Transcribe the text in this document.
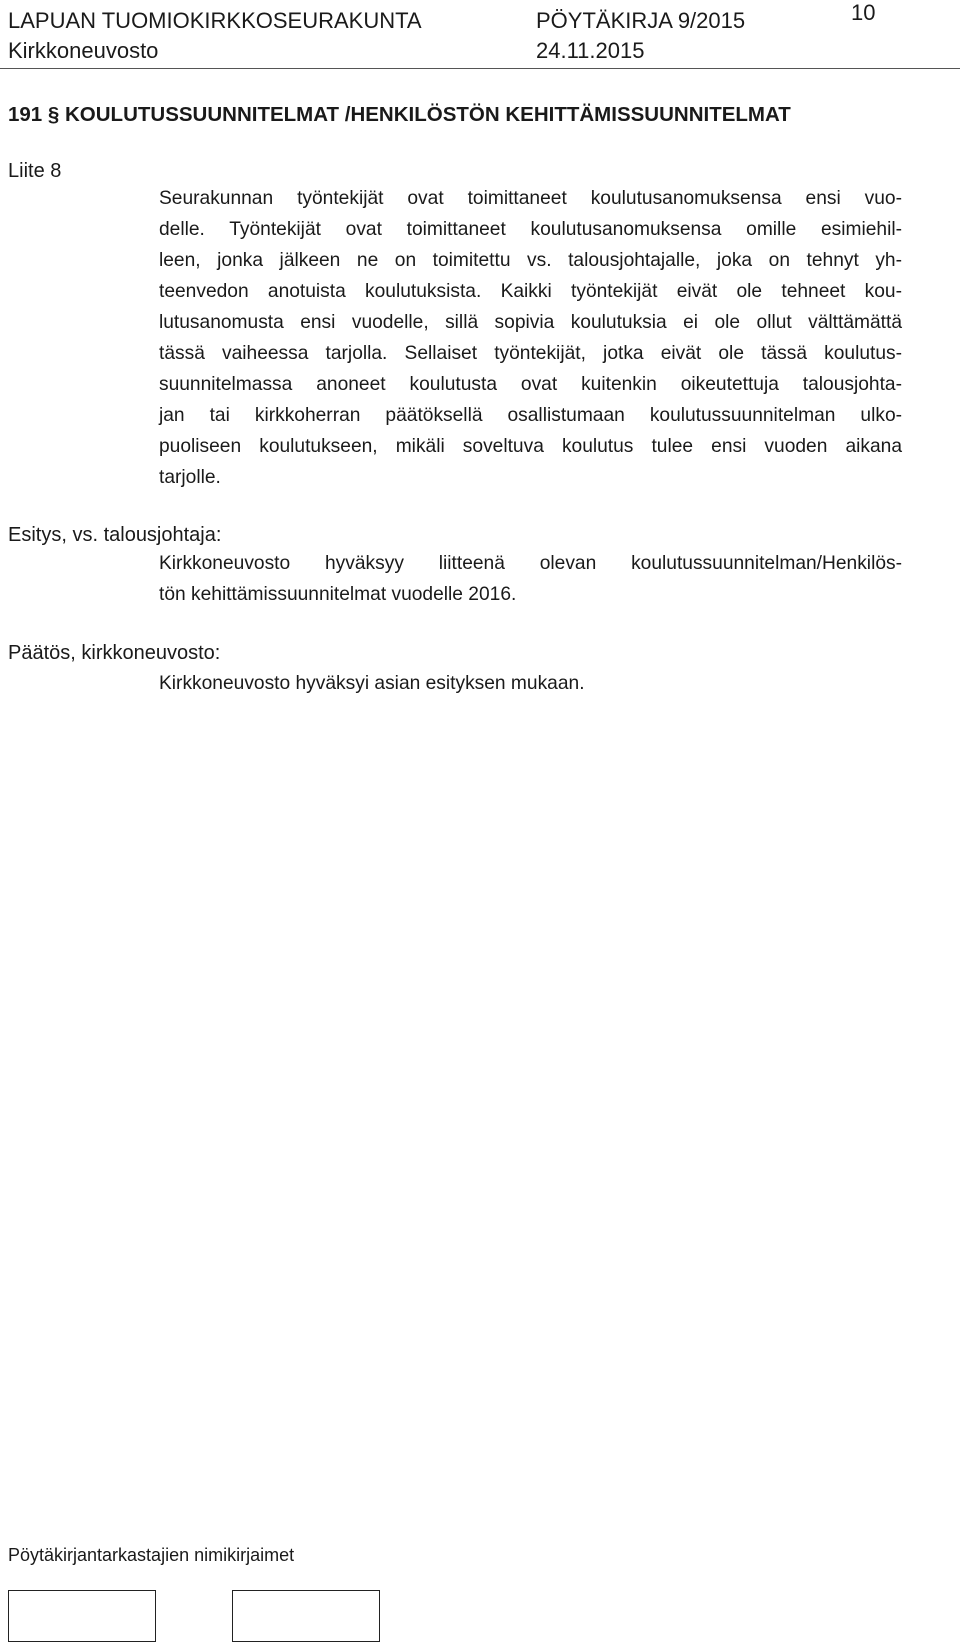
LAPUAN TUOMIOKIRKKOSEURAKUNTA
Kirkkoneuvosto
PÖYTÄKIRJA 9/2015
24.11.2015
10
191 § KOULUTUSSUUNNITELMAT /HENKILÖSTÖN KEHITTÄMISSUUNNITELMAT
Liite 8
Seurakunnan työntekijät ovat toimittaneet koulutusanomuksensa ensi vuo-
delle. Työntekijät ovat toimittaneet koulutusanomuksensa omille esimiehil-
leen, jonka jälkeen ne on toimitettu vs. talousjohtajalle, joka on tehnyt yh-
teenvedon anotuista koulutuksista. Kaikki työntekijät eivät ole tehneet kou-
lutusanomusta ensi vuodelle, sillä sopivia koulutuksia ei ole ollut välttämättä
tässä vaiheessa tarjolla. Sellaiset työntekijät, jotka eivät ole tässä koulutus-
suunnitelmassa anoneet koulutusta ovat kuitenkin oikeutettuja talousjohta-
jan tai kirkkoherran päätöksellä osallistumaan koulutussuunnitelman ulko-
puoliseen koulutukseen, mikäli soveltuva koulutus tulee ensi vuoden aikana
tarjolle.
Esitys, vs. talousjohtaja:
Kirkkoneuvosto hyväksyy liitteenä olevan koulutussuunnitelman/Henkilös-
tön kehittämissuunnitelmat vuodelle 2016.
Päätös, kirkkoneuvosto:
Kirkkoneuvosto hyväksyi asian esityksen mukaan.
Pöytäkirjantarkastajien nimikirjaimet
